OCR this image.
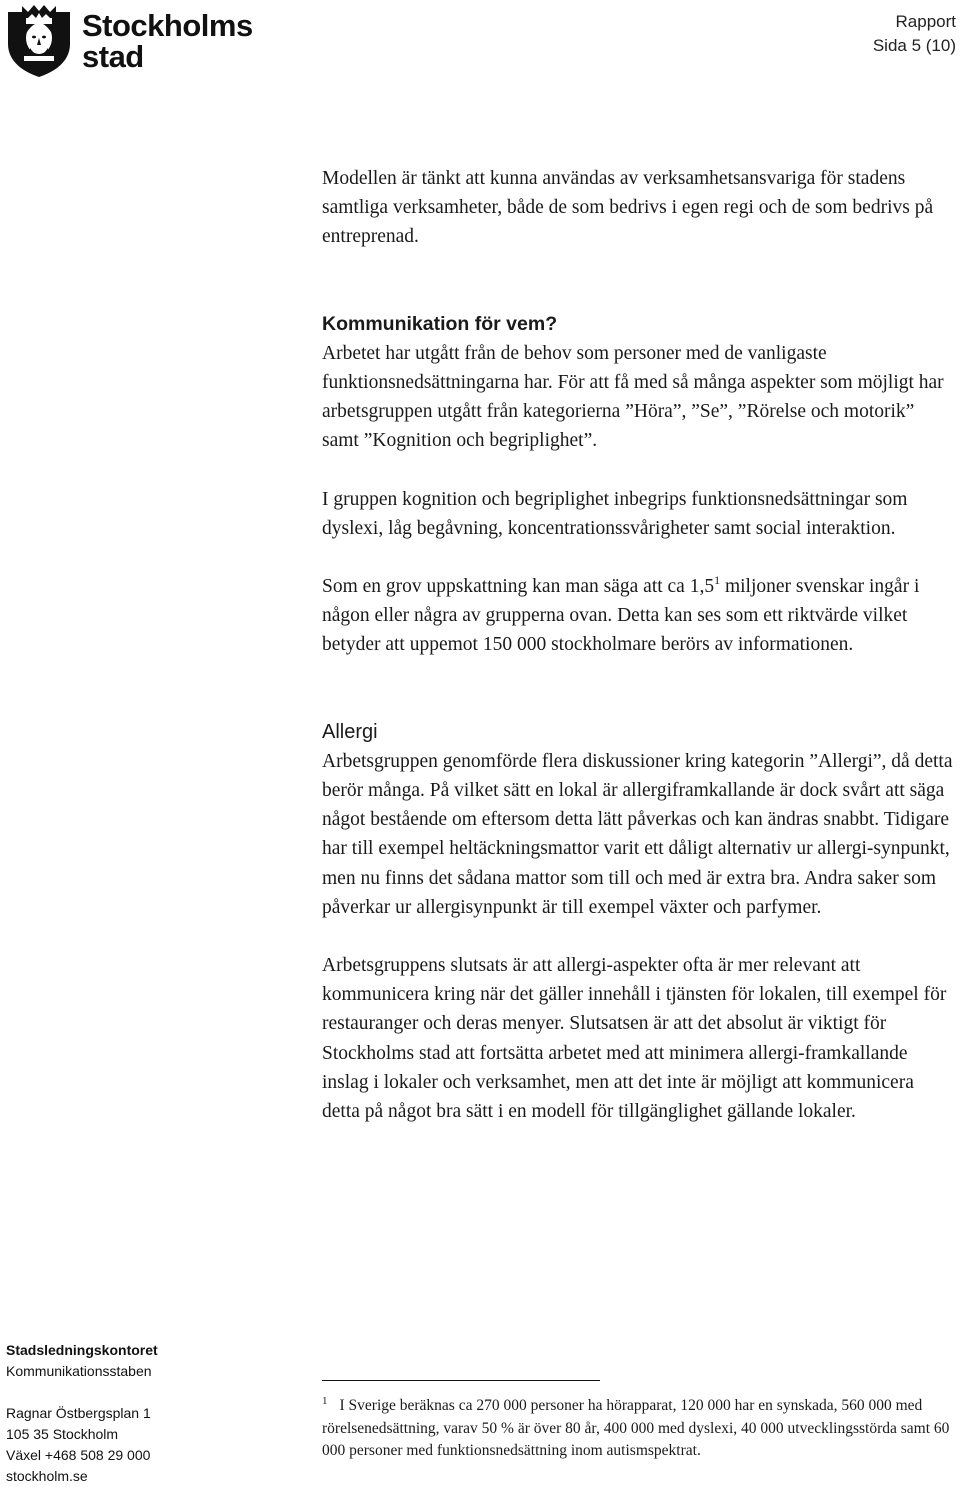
Stockholms
stad
Rapport
Sida 5 (10)

Modellen är tänkt att kunna användas av verksamhetsansvariga för stadens samtliga verksamheter, både de som bedrivs i egen regi och de som bedrivs på entreprenad.

Kommunikation för vem?

Arbetet har utgått från de behov som personer med de vanligaste funktionsnedsättningarna har. För att få med så många aspekter som möjligt har arbetsgruppen utgått från kategorierna ”Höra”, ”Se”, ”Rörelse och motorik” samt ”Kognition och begriplighet”.

I gruppen kognition och begriplighet inbegrips funktionsnedsättningar som dyslexi, låg begåvning, koncentrationssvårigheter samt social interaktion.

Som en grov uppskattning kan man säga att ca $1,5^1$ miljoner svenskar ingår i någon eller några av grupperna ovan. Detta kan ses som ett riktvärde vilket betyder att uppemot 150 000 stockholmare berörs av informationen.

Allergi

Arbetsgruppen genomförde flera diskussioner kring kategorin ”Allergi”, då detta berör många. På vilket sätt en lokal är allergiframkallande är dock svårt att säga något bestående om eftersom detta lätt påverkas och kan ändras snabbt. Tidigare har till exempel heltäckningsmattor varit ett dåligt alternativ ur allergi-synpunkt, men nu finns det sådana mattor som till och med är extra bra. Andra saker som påverkar ur allergisynpunkt är till exempel växter och parfymer.

Arbetsgruppens slutsats är att allergi-aspekter ofta är mer relevant att kommunicera kring när det gäller innehåll i tjänsten för lokalen, till exempel för restauranger och deras menyer. Slutsatsen är att det absolut är viktigt för Stockholms stad att fortsätta arbetet med att minimera allergi-framkallande inslag i lokaler och verksamhet, men att det inte är möjligt att kommunicera detta på något bra sätt i en modell för tillgänglighet gällande lokaler.

Stadsledningskontoret
Kommunikationsstaben
Ragnar Östbergsplan 1
105 35 Stockholm
Växel +468 508 29 000
stockholm.se
$^1$ I Sverige beräknas ca 270 000 personer ha hörapparat, 120 000 har en synskada, 560 000 med rörelsenedsättning, varav 50 % är över 80 år, 400 000 med dyslexi, 40 000 utvecklingsstörda samt 60 000 personer med funktionsnedsättning inom autismspektrat.
